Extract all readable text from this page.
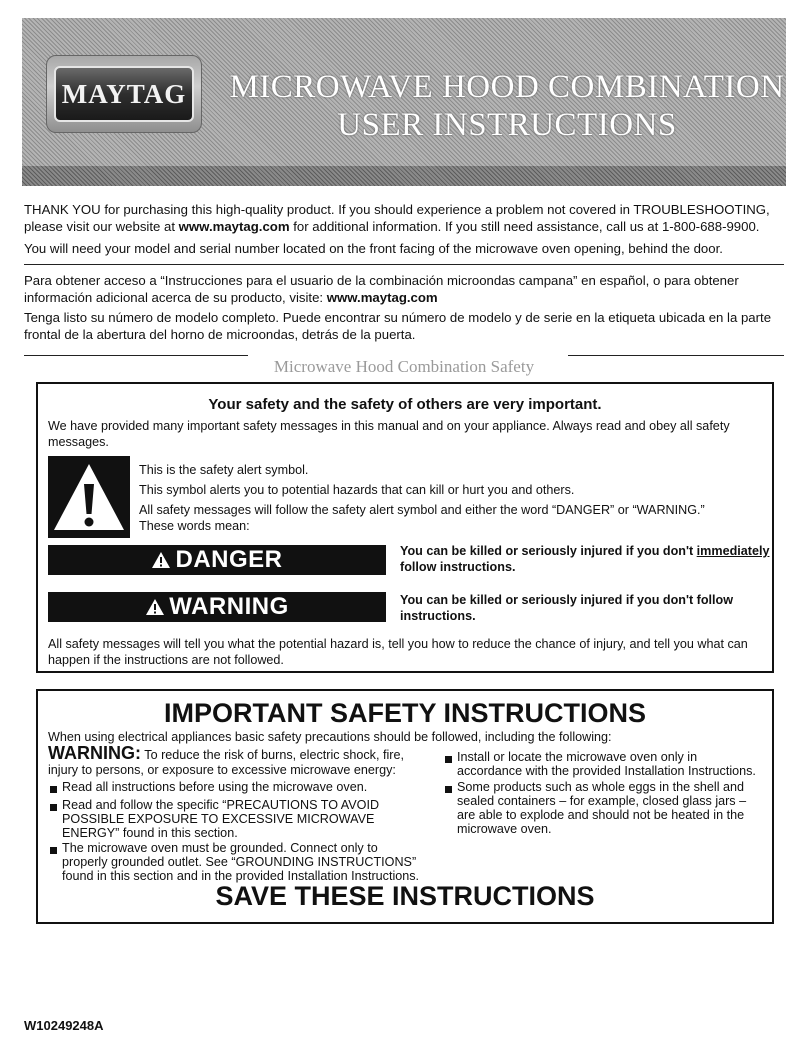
MAYTAG MICROWAVE HOOD COMBINATION
USER INSTRUCTIONS
THANK YOU for purchasing this high-quality product. If you should experience a problem not covered in TROUBLESHOOTING,
please visit our website at www.maytag.com for additional information. If you still need assistance, call us at 1-800-688-9900.
You will need your model and serial number located on the front facing of the microwave oven opening, behind the door.
Para obtener acceso a “Instrucciones para el usuario de la combinación microondas campana” en español, o para obtener
información adicional acerca de su producto, visite: www.maytag.com
Tenga listo su número de modelo completo. Puede encontrar su número de modelo y de serie en la etiqueta ubicada en la parte
frontal de la abertura del horno de microondas, detrás de la puerta.
Microwave Hood Combination Safety
Your safety and the safety of others are very important.
We have provided many important safety messages in this manual and on your appliance. Always read and obey all safety
messages.
This is the safety alert symbol.
This symbol alerts you to potential hazards that can kill or hurt you and others.
All safety messages will follow the safety alert symbol and either the word “DANGER” or “WARNING.”
These words mean:
DANGER	You can be killed or seriously injured if you don't immediately
follow instructions.
WARNING	You can be killed or seriously injured if you don't follow
instructions.
All safety messages will tell you what the potential hazard is, tell you how to reduce the chance of injury, and tell you what can
happen if the instructions are not followed.
IMPORTANT SAFETY INSTRUCTIONS
When using electrical appliances basic safety precautions should be followed, including the following:
WARNING: To reduce the risk of burns, electric shock, fire,
injury to persons, or exposure to excessive microwave energy:
Read all instructions before using the microwave oven.
Read and follow the specific “PRECAUTIONS TO AVOID
POSSIBLE EXPOSURE TO EXCESSIVE MICROWAVE
ENERGY” found in this section.
The microwave oven must be grounded. Connect only to
properly grounded outlet. See “GROUNDING INSTRUCTIONS”
found in this section and in the provided Installation Instructions.
Install or locate the microwave oven only in
accordance with the provided Installation Instructions.
Some products such as whole eggs in the shell and
sealed containers – for example, closed glass jars –
are able to explode and should not be heated in the
microwave oven.
SAVE THESE INSTRUCTIONS
W10249248A
